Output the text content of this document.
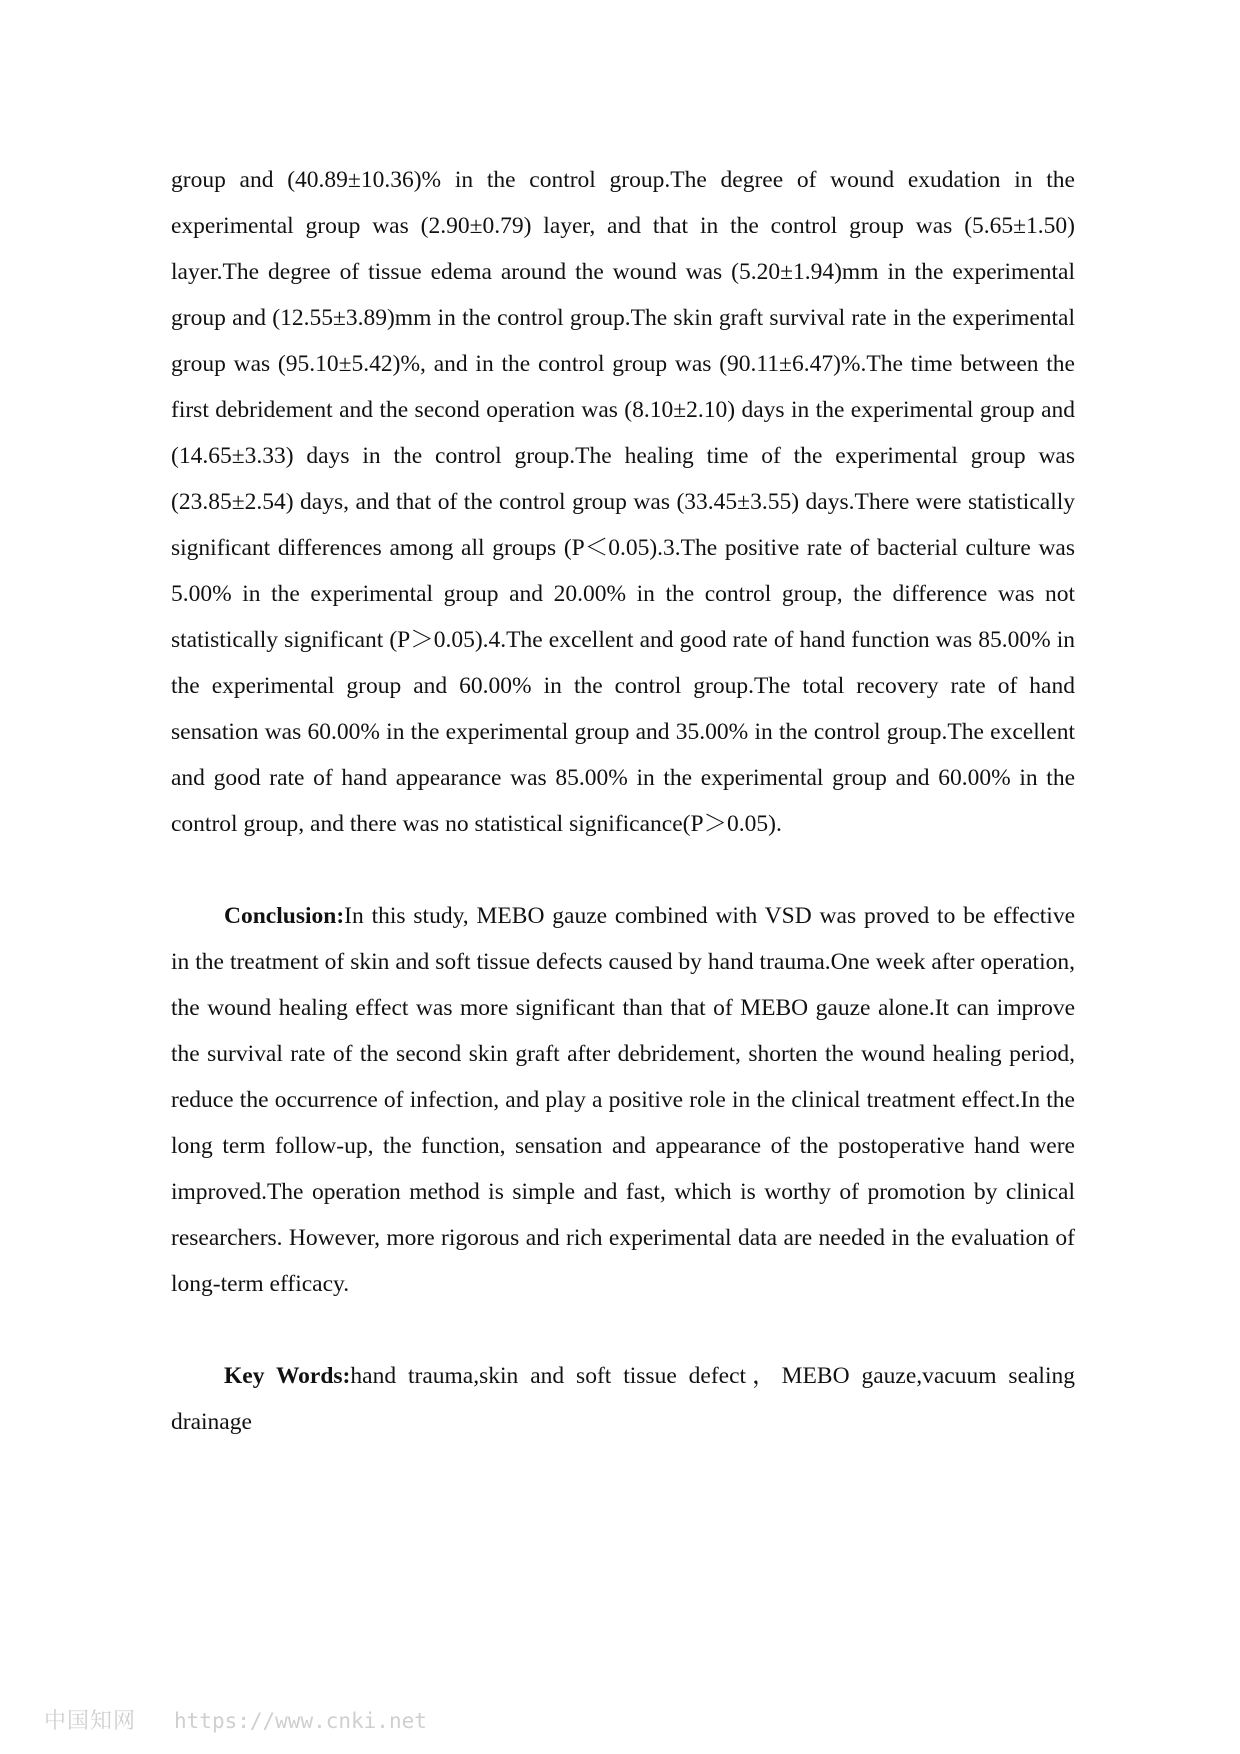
group and (40.89±10.36)% in the control group.The degree of wound exudation in the experimental group was (2.90±0.79) layer, and that in the control group was (5.65±1.50) layer.The degree of tissue edema around the wound was (5.20±1.94)mm in the experimental group and (12.55±3.89)mm in the control group.The skin graft survival rate in the experimental group was (95.10±5.42)%, and in the control group was (90.11±6.47)%.The time between the first debridement and the second operation was (8.10±2.10) days in the experimental group and (14.65±3.33) days in the control group.The healing time of the experimental group was (23.85±2.54) days, and that of the control group was (33.45±3.55) days.There were statistically significant differences among all groups (P＜0.05).3.The positive rate of bacterial culture was 5.00% in the experimental group and 20.00% in the control group, the difference was not statistically significant (P＞0.05).4.The excellent and good rate of hand function was 85.00% in the experimental group and 60.00% in the control group.The total recovery rate of hand sensation was 60.00% in the experimental group and 35.00% in the control group.The excellent and good rate of hand appearance was 85.00% in the experimental group and 60.00% in the control group, and there was no statistical significance(P＞0.05).

Conclusion:In this study, MEBO gauze combined with VSD was proved to be effective in the treatment of skin and soft tissue defects caused by hand trauma.One week after operation, the wound healing effect was more significant than that of MEBO gauze alone.It can improve the survival rate of the second skin graft after debridement, shorten the wound healing period, reduce the occurrence of infection, and play a positive role in the clinical treatment effect.In the long term follow-up, the function, sensation and appearance of the postoperative hand were improved.The operation method is simple and fast, which is worthy of promotion by clinical researchers. However, more rigorous and rich experimental data are needed in the evaluation of long-term efficacy.
Key Words:hand trauma,skin and soft tissue defect，MEBO gauze,vacuum sealing drainage
中国知网 https://www.cnki.net
